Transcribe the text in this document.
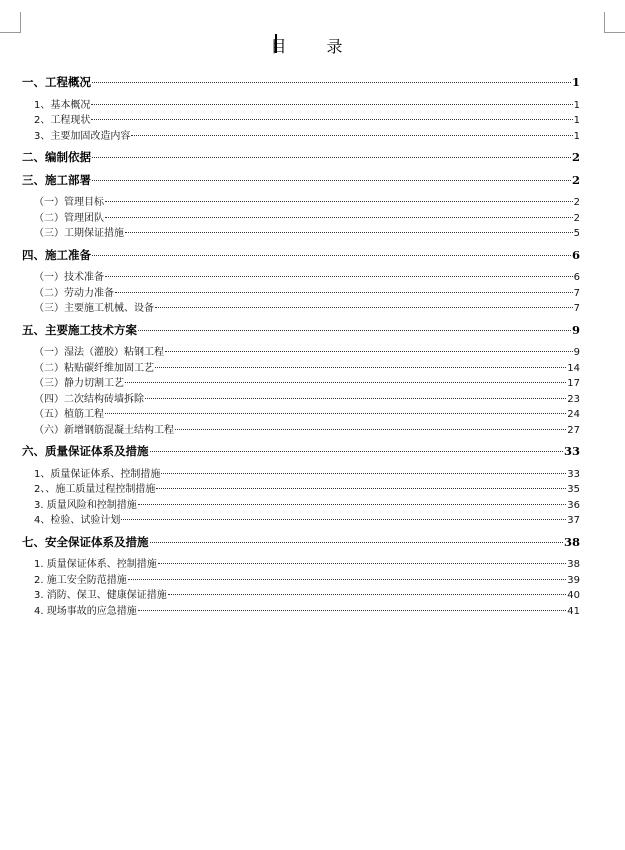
目　录
一、工程概况	1
1、基本概况	1
2、工程现状	1
3、主要加固改造内容	1
二、编制依据	2
三、施工部署	2
（一）管理目标	2
（二）管理团队	2
（三）工期保证措施	5
四、施工准备	6
（一）技术准备	6
（二）劳动力准备	7
（三）主要施工机械、设备	7
五、主要施工技术方案	9
（一）湿法（灌胶）粘钢工程	9
（二）粘贴碳纤维加固工艺	14
（三）静力切割工艺	17
（四）二次结构砖墙拆除	23
（五）植筋工程	24
（六）新增钢筋混凝土结构工程	27
六、质量保证体系及措施	33
1、质量保证体系、控制措施	33
2、、施工质量过程控制措施	35
3. 质量风险和控制措施	36
4、检验、试验计划	37
七、安全保证体系及措施	38
1. 质量保证体系、控制措施	38
2. 施工安全防范措施	39
3. 消防、保卫、健康保证措施	40
4. 现场事故的应急措施	41
